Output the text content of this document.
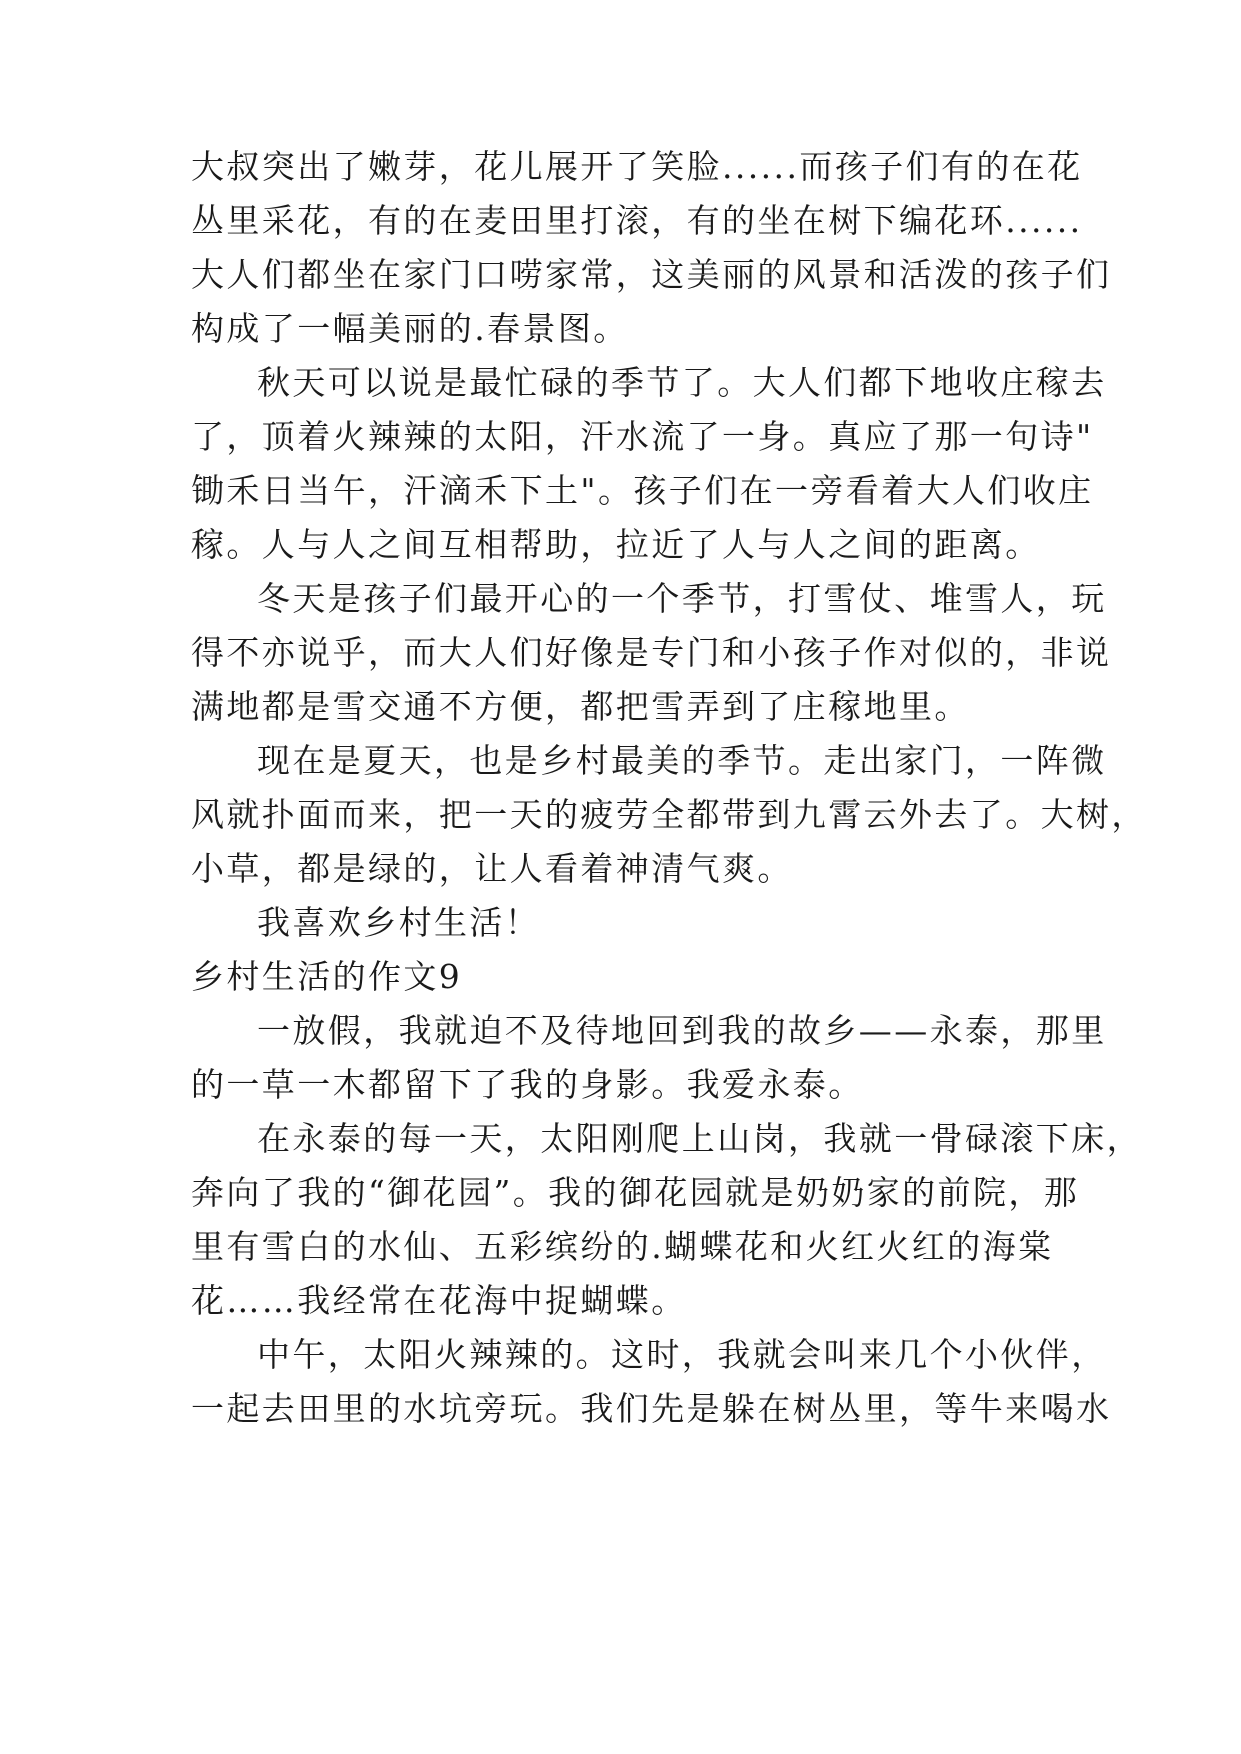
大叔突出了嫩芽，花儿展开了笑脸......而孩子们有的在花
丛里采花，有的在麦田里打滚，有的坐在树下编花环......
大人们都坐在家门口唠家常，这美丽的风景和活泼的孩子们
构成了一幅美丽的.春景图。
秋天可以说是最忙碌的季节了。大人们都下地收庄稼去
了，顶着火辣辣的太阳，汗水流了一身。真应了那一句诗"
锄禾日当午，汗滴禾下土"。孩子们在一旁看着大人们收庄
稼。人与人之间互相帮助，拉近了人与人之间的距离。
冬天是孩子们最开心的一个季节，打雪仗、堆雪人，玩
得不亦说乎，而大人们好像是专门和小孩子作对似的，非说
满地都是雪交通不方便，都把雪弄到了庄稼地里。
现在是夏天，也是乡村最美的季节。走出家门，一阵微
风就扑面而来，把一天的疲劳全都带到九霄云外去了。大树，
小草，都是绿的，让人看着神清气爽。
我喜欢乡村生活！
乡村生活的作文9
一放假，我就迫不及待地回到我的故乡——永泰，那里
的一草一木都留下了我的身影。我爱永泰。
在永泰的每一天，太阳刚爬上山岗，我就一骨碌滚下床，
奔向了我的“御花园”。我的御花园就是奶奶家的前院，那
里有雪白的水仙、五彩缤纷的.蝴蝶花和火红火红的海棠
花……我经常在花海中捉蝴蝶。
中午，太阳火辣辣的。这时，我就会叫来几个小伙伴，
一起去田里的水坑旁玩。我们先是躲在树丛里，等牛来喝水
